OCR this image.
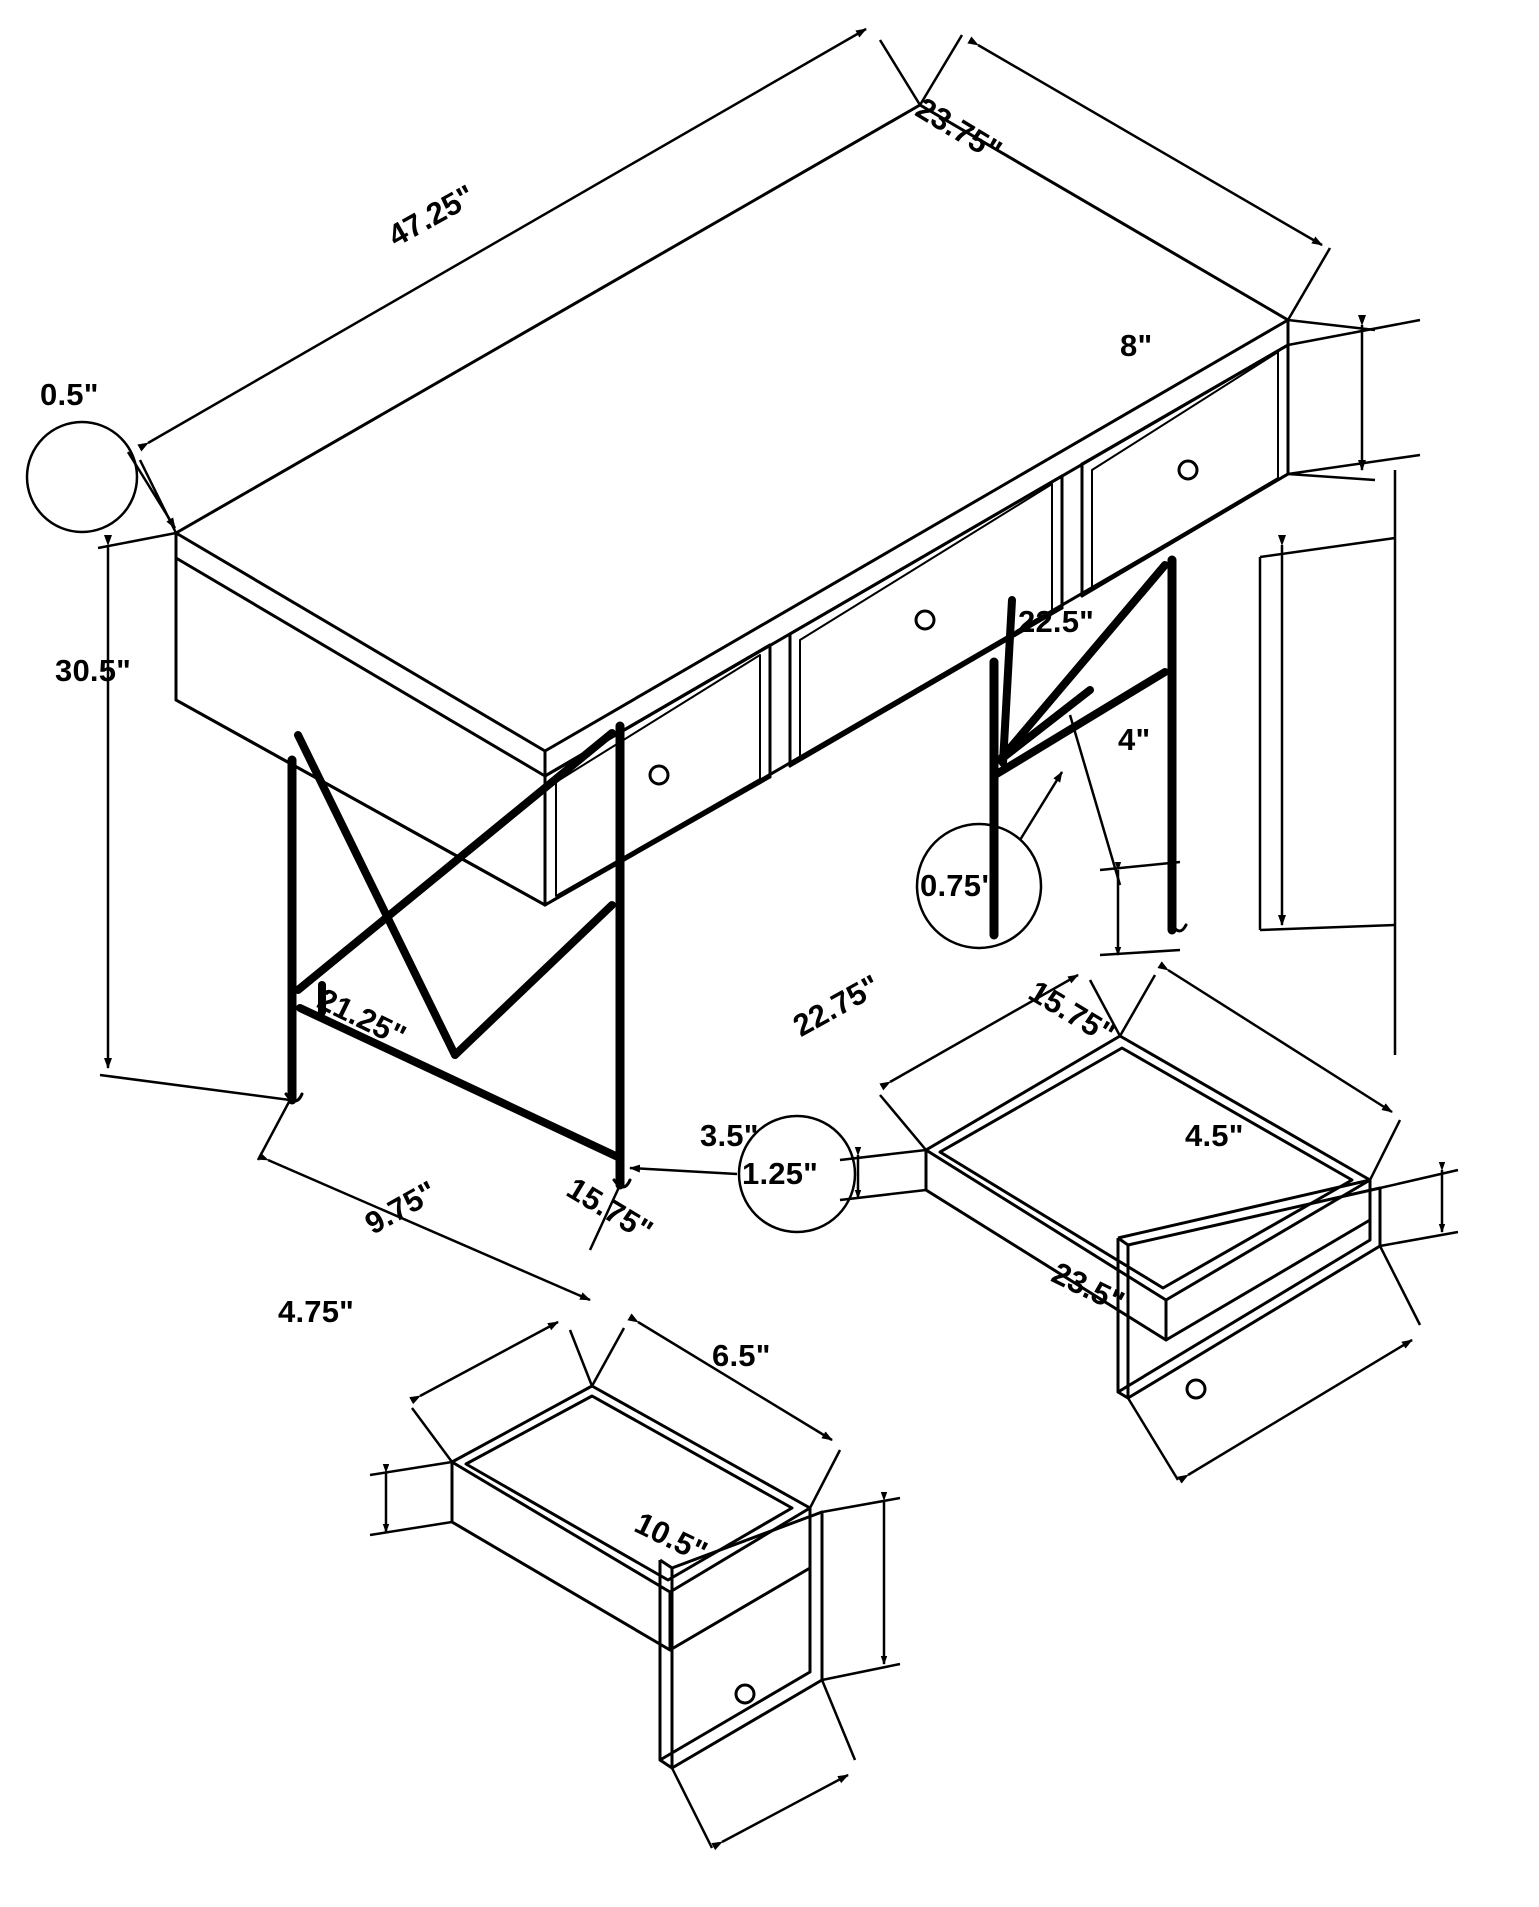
47.25"
23.75"
0.5"
8"
30.5"
22.5"
0.75"
4"
1.25"
21.25"	22.75"	15.75"
3.5"	4.5"
23.5"
9.75"	15.75"
4.75"
6.5"
10.5"
